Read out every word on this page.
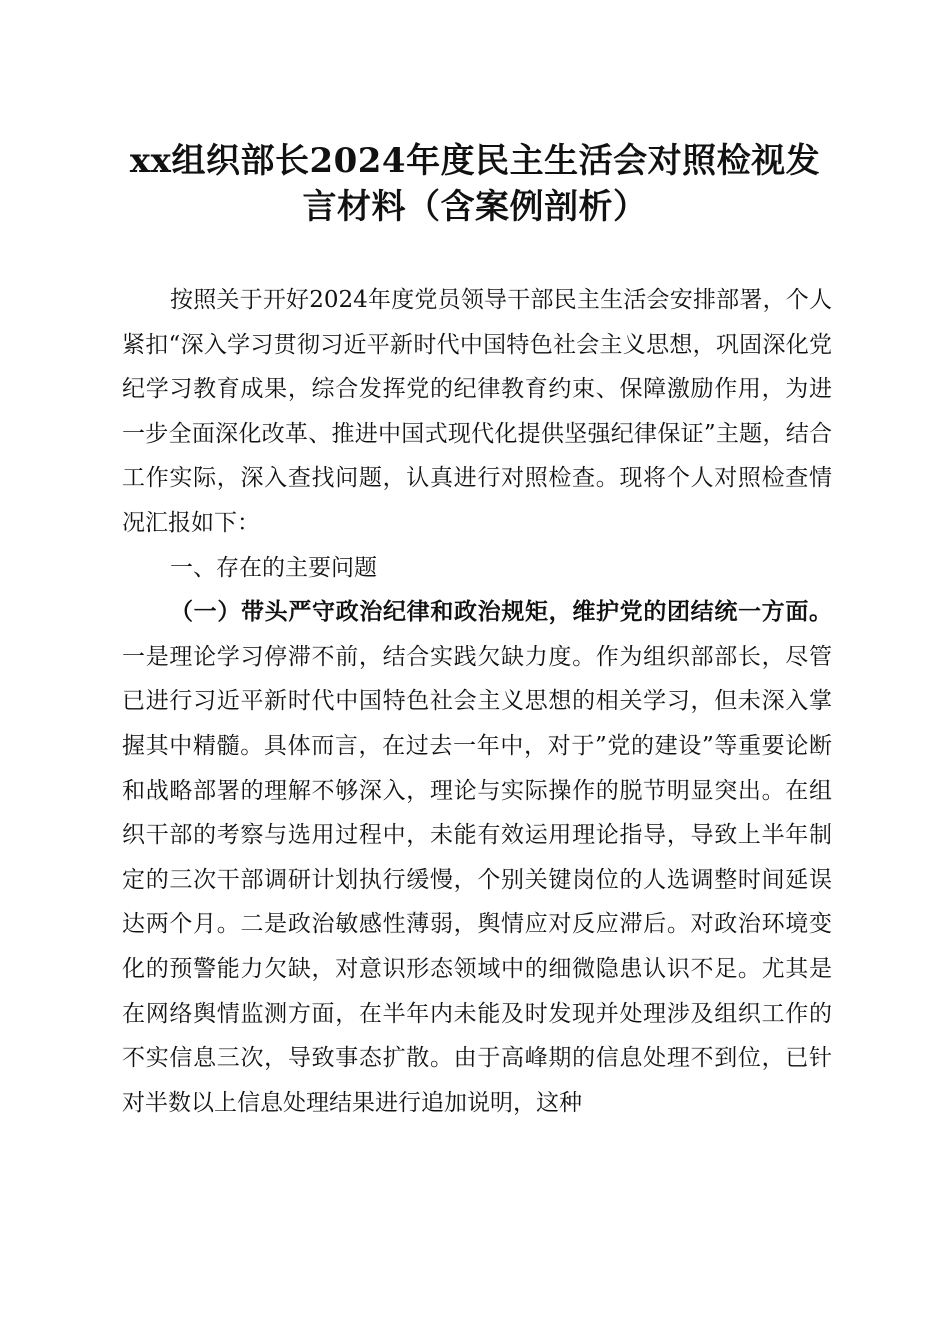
xx组织部长2024年度民主生活会对照检视发
言材料（含案例剖析）

按照关于开好2024年度党员领导干部民主生活会安排部署，个人紧扣“深入学习贯彻习近平新时代中国特色社会主义思想，巩固深化党纪学习教育成果，综合发挥党的纪律教育约束、保障激励作用，为进一步全面深化改革、推进中国式现代化提供坚强纪律保证”主题，结合工作实际，深入查找问题，认真进行对照检查。现将个人对照检查情况汇报如下：

一、存在的主要问题

（一）带头严守政治纪律和政治规矩，维护党的团结统一方面。一是理论学习停滞不前，结合实践欠缺力度。作为组织部部长，尽管已进行习近平新时代中国特色社会主义思想的相关学习，但未深入掌握其中精髓。具体而言，在过去一年中，对于”党的建设”等重要论断和战略部署的理解不够深入，理论与实际操作的脱节明显突出。在组织干部的考察与选用过程中，未能有效运用理论指导，导致上半年制定的三次干部调研计划执行缓慢，个别关键岗位的人选调整时间延误达两个月。二是政治敏感性薄弱，舆情应对反应滞后。对政治环境变化的预警能力欠缺，对意识形态领域中的细微隐患认识不足。尤其是在网络舆情监测方面，在半年内未能及时发现并处理涉及组织工作的不实信息三次，导致事态扩散。由于高峰期的信息处理不到位，已针对半数以上信息处理结果进行追加说明，这种
